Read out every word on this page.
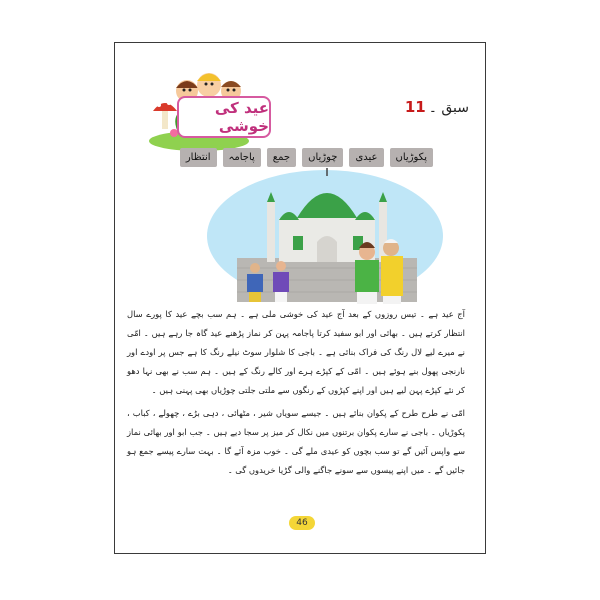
عید کی خوشی
سبق ۔
11
انتظار	پاجامہ	جمع	چوڑیاں	عیدی	پکوڑیاں

آج عید ہے ۔ تیس روزوں کے بعد آج عید کی خوشی ملی ہے ۔ ہم سب بچے عید کا پورے سال انتظار کرتے ہیں ۔ بھائی اور ابو سفید کرتا پاجامہ پہن کر نماز پڑھنے عید گاہ جا رہے ہیں ۔ امّی نے میرے لیے لال رنگ کی فراک بنائی ہے ۔ باجی کا شلوار سوٹ نیلے رنگ کا ہے جس پر اودے اور نارنجی پھول بنے ہوئے ہیں ۔ امّی کے کپڑے ہرے اور کالے رنگ کے ہیں ۔ ہم سب نے بھی نہا دھو کر نئے کپڑے پہن لیے ہیں اور اپنے کپڑوں کے رنگوں سے ملتی جلتی چوڑیاں بھی پہنی ہیں ۔

امّی نے طرح طرح کے پکوان بنائے ہیں ۔ جیسے سویاں شیر ، مٹھائی ، دہی بڑے ، چھولے ، کباب ، پکوڑیاں ۔ باجی نے سارے پکوان برتنوں میں نکال کر میز پر سجا دیے ہیں ۔ جب ابو اور بھائی نماز سے واپس آئیں گے تو سب بچوں کو عیدی ملے گی ۔ خوب مزہ آئے گا ۔ بہت سارے پیسے جمع ہو جائیں گے ۔ میں اپنے پیسوں سے سونے جاگنے والی گڑیا خریدوں گی ۔

46
